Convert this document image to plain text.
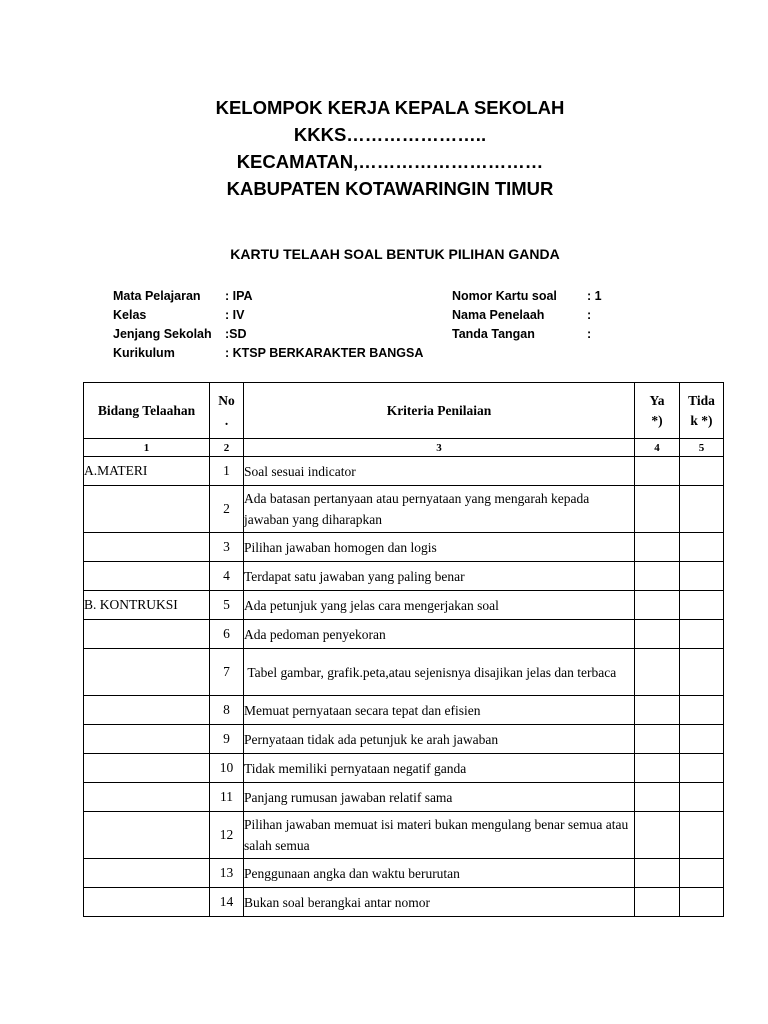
KELOMPOK KERJA KEPALA SEKOLAH
KKKS…………………..
KECAMATAN,…………………………
KABUPATEN KOTAWARINGIN TIMUR
KARTU TELAAH SOAL BENTUK PILIHAN GANDA
Mata Pelajaran : IPA
Kelas	: IV
Jenjang Sekolah :SD
Kurikulum	: KTSP BERKARAKTER BANGSA
Nomor Kartu soal : 1
Nama Penelaah	:
Tanda Tangan	:
Bidang Telaahan	No .	Kriteria Penilaian	Ya *)	Tida k *)
1	2	3	4	5
A.MATERI	1	Soal sesuai indicator		
	2	Ada batasan pertanyaan atau pernyataan yang mengarah kepada jawaban yang diharapkan		
	3	Pilihan jawaban homogen dan logis		
	4	Terdapat satu jawaban yang paling benar		
B. KONTRUKSI	5	Ada petunjuk yang jelas cara mengerjakan soal		
	6	Ada pedoman penyekoran		
	7	Tabel gambar, grafik.peta,atau sejenisnya disajikan jelas dan terbaca		
	8	Memuat pernyataan secara tepat dan efisien		
	9	Pernyataan tidak ada petunjuk ke arah jawaban		
	10	Tidak memiliki pernyataan negatif ganda		
	11	Panjang rumusan jawaban relatif sama		
	12	Pilihan jawaban memuat isi materi bukan mengulang benar semua atau salah semua		
	13	Penggunaan angka dan waktu berurutan		
	14	Bukan soal berangkai antar nomor		
